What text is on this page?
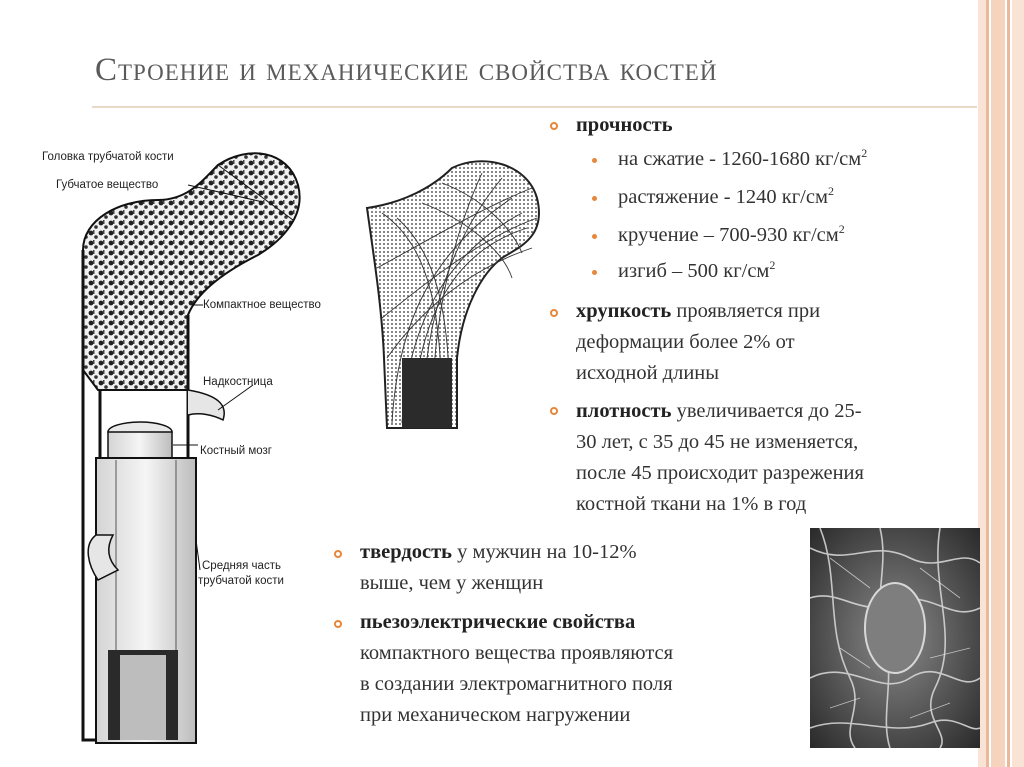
Строение и механические свойства костей
Головка трубчатой кости
Губчатое вещество
Компактное вещество
Надкостница
Костный мозг
Средняя часть
трубчатой кости
прочность
на сжатие - 1260-1680 $кг/см^2$
растяжение - 1240 $кг/см^2$
кручение – 700-930 $кг/см^2$
изгиб – 500 $кг/см^2$
хрупкость проявляется при
деформации более 2% от
исходной длины
плотность увеличивается до 25-
30 лет, с 35 до 45 не изменяется,
после 45 происходит разрежения
костной ткани на 1% в год
твердость у мужчин на 10-12%
выше, чем у женщин
пьезоэлектрические свойства
компактного вещества проявляются
в создании электромагнитного поля
при механическом нагружении
